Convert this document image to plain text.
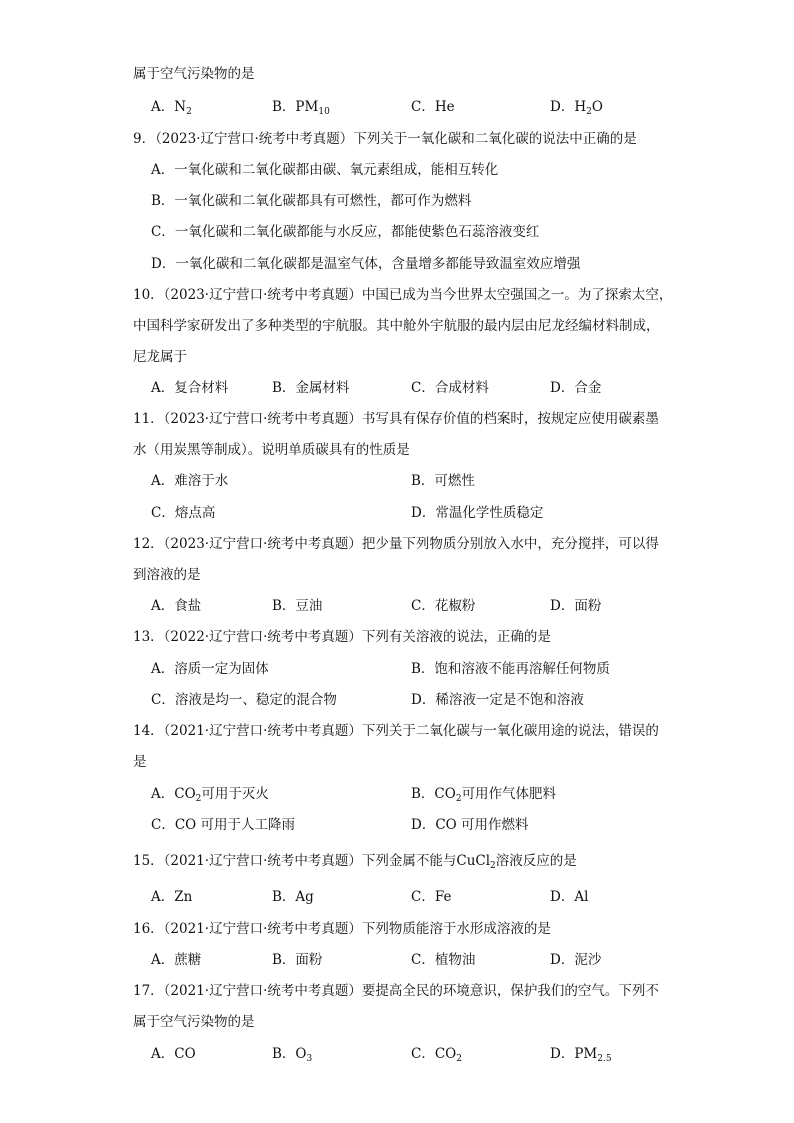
属于空气污染物的是
A．$N_2$	B．$PM_{10}$	C．He	D．$H_2O$
9．（2023·辽宁营口·统考中考真题）下列关于一氧化碳和二氧化碳的说法中正确的是
A．一氧化碳和二氧化碳都由碳、氧元素组成，能相互转化
B．一氧化碳和二氧化碳都具有可燃性，都可作为燃料
C．一氧化碳和二氧化碳都能与水反应，都能使紫色石蕊溶液变红
D．一氧化碳和二氧化碳都是温室气体，含量增多都能导致温室效应增强
10．（2023·辽宁营口·统考中考真题）中国已成为当今世界太空强国之一。为了探索太空，
中国科学家研发出了多种类型的宇航服。其中舱外宇航服的最内层由尼龙经编材料制成，
尼龙属于
A．复合材料	B．金属材料	C．合成材料	D．合金
11．（2023·辽宁营口·统考中考真题）书写具有保存价值的档案时，按规定应使用碳素墨
水（用炭黑等制成）。说明单质碳具有的性质是
A．难溶于水	B．可燃性
C．熔点高	D．常温化学性质稳定
12．（2023·辽宁营口·统考中考真题）把少量下列物质分别放入水中，充分搅拌，可以得
到溶液的是
A．食盐	B．豆油	C．花椒粉	D．面粉
13．（2022·辽宁营口·统考中考真题）下列有关溶液的说法，正确的是
A．溶质一定为固体	B．饱和溶液不能再溶解任何物质
C．溶液是均一、稳定的混合物	D．稀溶液一定是不饱和溶液
14．（2021·辽宁营口·统考中考真题）下列关于二氧化碳与一氧化碳用途的说法，错误的
是
A．$CO_2$可用于灭火	B．$CO_2$可用作气体肥料
C．CO 可用于人工降雨	D．CO 可用作燃料
15．（2021·辽宁营口·统考中考真题）下列金属不能与CuCl$_2$溶液反应的是
A．Zn	B．Ag	C．Fe	D．Al
16．（2021·辽宁营口·统考中考真题）下列物质能溶于水形成溶液的是
A．蔗糖	B．面粉	C．植物油	D．泥沙
17．（2021·辽宁营口·统考中考真题）要提高全民的环境意识，保护我们的空气。下列不
属于空气污染物的是
A．CO	B．$O_3$	C．$CO_2$	D．$PM_{2.5}$
